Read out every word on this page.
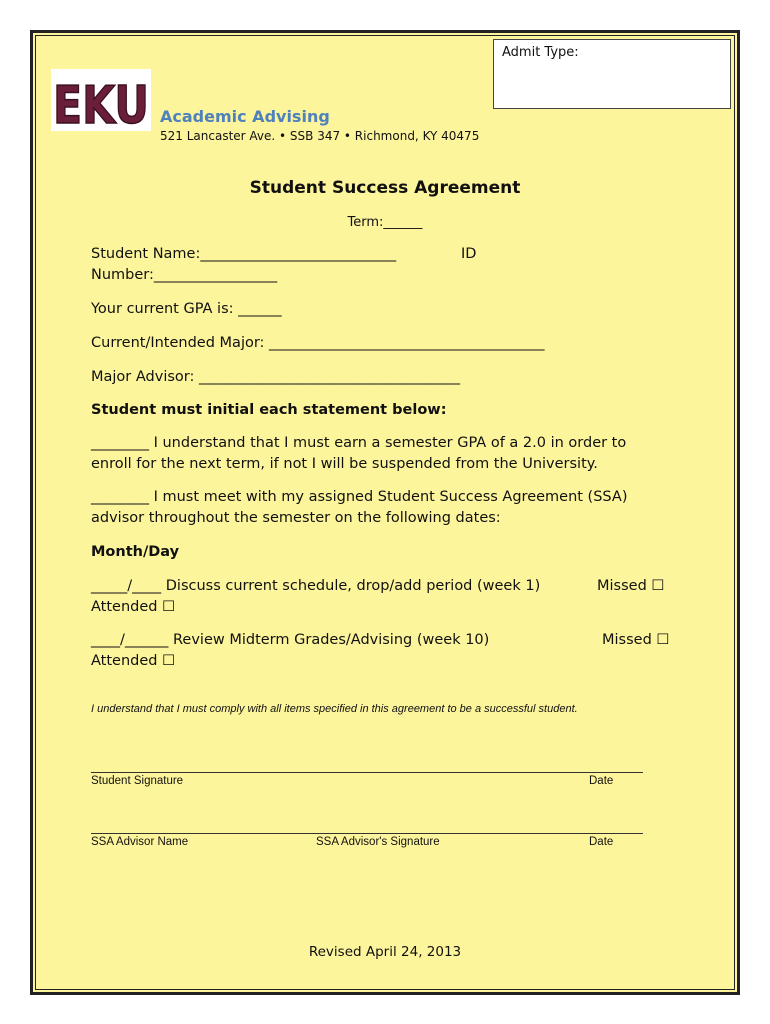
Admit Type:
EKU Academic Advising
521 Lancaster Ave. • SSB 347 • Richmond, KY 40475
Student Success Agreement
Term:______
Student Name:___________________________	ID
Number:_________________
Your current GPA is: ______
Current/Intended Major: ______________________________________
Major Advisor: ____________________________________
Student must initial each statement below:
________ I understand that I must earn a semester GPA of a 2.0 in order to
enroll for the next term, if not I will be suspended from the University.
________ I must meet with my assigned Student Success Agreement (SSA)
advisor throughout the semester on the following dates:
Month/Day
_____/____ Discuss current schedule, drop/add period (week 1)	Missed ☐
Attended ☐
____/______ Review Midterm Grades/Advising (week 10)	Missed ☐
Attended ☐
I understand that I must comply with all items specified in this agreement to be a successful student.
Student Signature	Date
SSA Advisor Name	SSA Advisor's Signature	Date
Revised April 24, 2013
